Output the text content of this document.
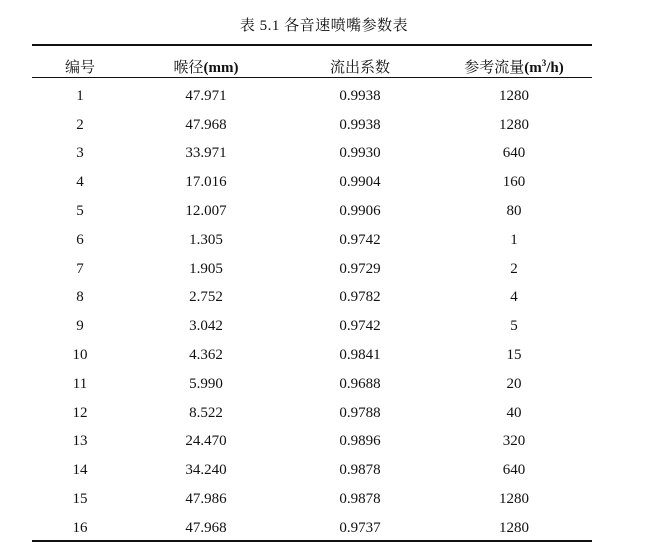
表 5.1 各音速喷嘴参数表
编号	喉径(mm)	流出系数	参考流量$(m^3/h)$
1	47.971	0.9938	1280
2	47.968	0.9938	1280
3	33.971	0.9930	640
4	17.016	0.9904	160
5	12.007	0.9906	80
6	1.305	0.9742	1
7	1.905	0.9729	2
8	2.752	0.9782	4
9	3.042	0.9742	5
10	4.362	0.9841	15
11	5.990	0.9688	20
12	8.522	0.9788	40
13	24.470	0.9896	320
14	34.240	0.9878	640
15	47.986	0.9878	1280
16	47.968	0.9737	1280
